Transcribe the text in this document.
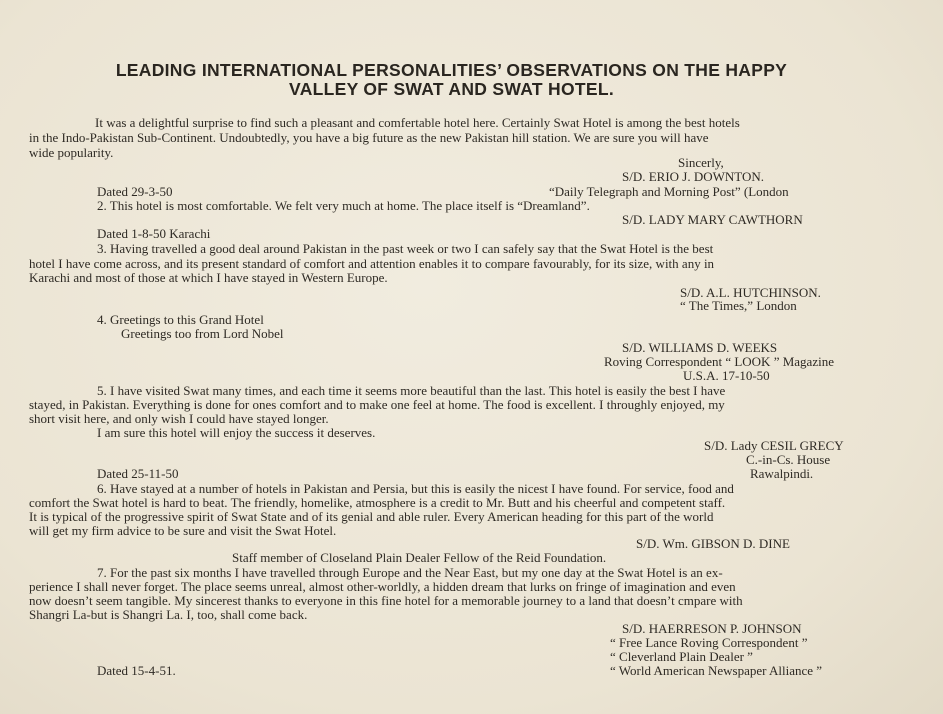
LEADING INTERNATIONAL PERSONALITIES’ OBSERVATIONS ON THE HAPPY
VALLEY OF SWAT AND SWAT HOTEL.
It was a delightful surprise to find such a pleasant and comfertable hotel here. Certainly Swat Hotel is among the best hotels
in the Indo-Pakistan Sub-Continent. Undoubtedly, you have a big future as the new Pakistan hill station. We are sure you will have
wide popularity.
Sincerly,
S/D. ERIO J. DOWNTON.
Dated 29-3-50	“Daily Telegraph and Morning Post” (London
2. This hotel is most comfortable. We felt very much at home. The place itself is “Dreamland”.
S/D. LADY MARY CAWTHORN
Dated 1-8-50 Karachi
3. Having travelled a good deal around Pakistan in the past week or two I can safely say that the Swat Hotel is the best
hotel I have come across, and its present standard of comfort and attention enables it to compare favourably, for its size, with any in
Karachi and most of those at which I have stayed in Western Europe.
S/D. A.L. HUTCHINSON.
“ The Times,” London
4. Greetings to this Grand Hotel
Greetings too from Lord Nobel
S/D. WILLIAMS D. WEEKS
Roving Correspondent “ LOOK ” Magazine
U.S.A. 17-10-50
5. I have visited Swat many times, and each time it seems more beautiful than the last. This hotel is easily the best I have
stayed, in Pakistan. Everything is done for ones comfort and to make one feel at home. The food is excellent. I throughly enjoyed, my
short visit here, and only wish I could have stayed longer.
I am sure this hotel will enjoy the success it deserves.
S/D. Lady CESIL GRECY
C.-in-Cs. House
Dated 25-11-50	Rawalpindi.
6. Have stayed at a number of hotels in Pakistan and Persia, but this is easily the nicest I have found. For service, food and
comfort the Swat hotel is hard to beat. The friendly, homelike, atmosphere is a credit to Mr. Butt and his cheerful and competent staff.
It is typical of the progressive spirit of Swat State and of its genial and able ruler. Every American heading for this part of the world
will get my firm advice to be sure and visit the Swat Hotel.
S/D. Wm. GIBSON D. DINE
Staff member of Closeland Plain Dealer Fellow of the Reid Foundation.
7. For the past six months I have travelled through Europe and the Near East, but my one day at the Swat Hotel is an ex-
perience I shall never forget. The place seems unreal, almost other-worldly, a hidden dream that lurks on fringe of imagination and even
now doesn’t seem tangible. My sincerest thanks to everyone in this fine hotel for a memorable journey to a land that doesn’t cmpare with
Shangri La-but is Shangri La. I, too, shall come back.
S/D. HAERRESON P. JOHNSON
“ Free Lance Roving Correspondent ”
“ Cleverland Plain Dealer ”
Dated 15-4-51.	“ World American Newspaper Alliance ”
